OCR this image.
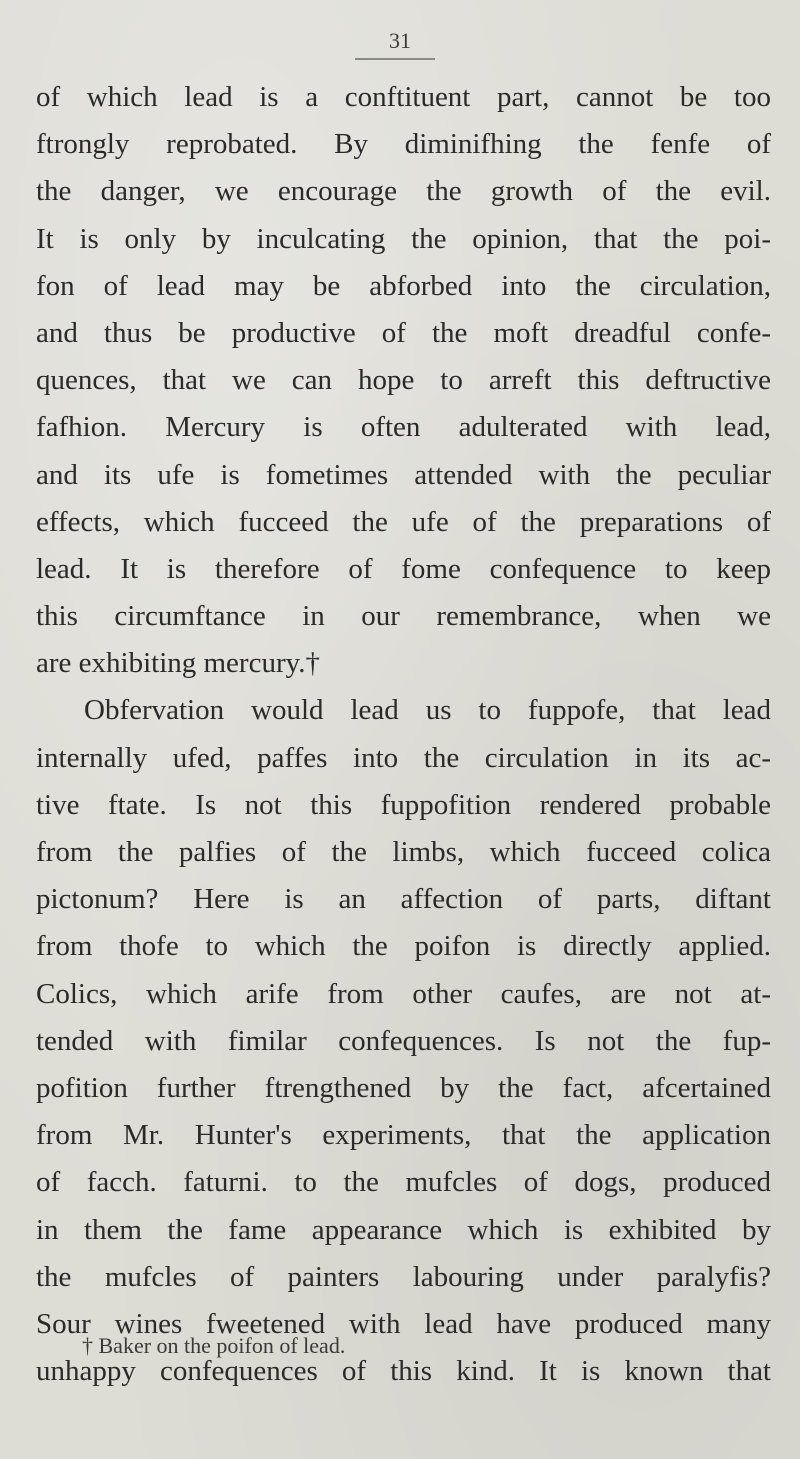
31
of which lead is a conftituent part, cannot be too
ftrongly reprobated. By diminifhing the fenfe of
the danger, we encourage the growth of the evil.
It is only by inculcating the opinion, that the poi-
fon of lead may be abforbed into the circulation,
and thus be productive of the moft dreadful confe-
quences, that we can hope to arreft this deftructive
fafhion. Mercury is often adulterated with lead,
and its ufe is fometimes attended with the peculiar
effects, which fucceed the ufe of the preparations of
lead. It is therefore of fome confequence to keep
this circumftance in our remembrance, when we
are exhibiting mercury.†
Obfervation would lead us to fuppofe, that lead
internally ufed, paffes into the circulation in its ac-
tive ftate. Is not this fuppofition rendered probable
from the palfies of the limbs, which fucceed colica
pictonum? Here is an affection of parts, diftant
from thofe to which the poifon is directly applied.
Colics, which arife from other caufes, are not at-
tended with fimilar confequences. Is not the fup-
pofition further ftrengthened by the fact, afcertained
from Mr. Hunter's experiments, that the application
of facch. faturni. to the mufcles of dogs, produced
in them the fame appearance which is exhibited by
the mufcles of painters labouring under paralyfis?
Sour wines fweetened with lead have produced many
unhappy confequences of this kind. It is known that
† Baker on the poifon of lead.
